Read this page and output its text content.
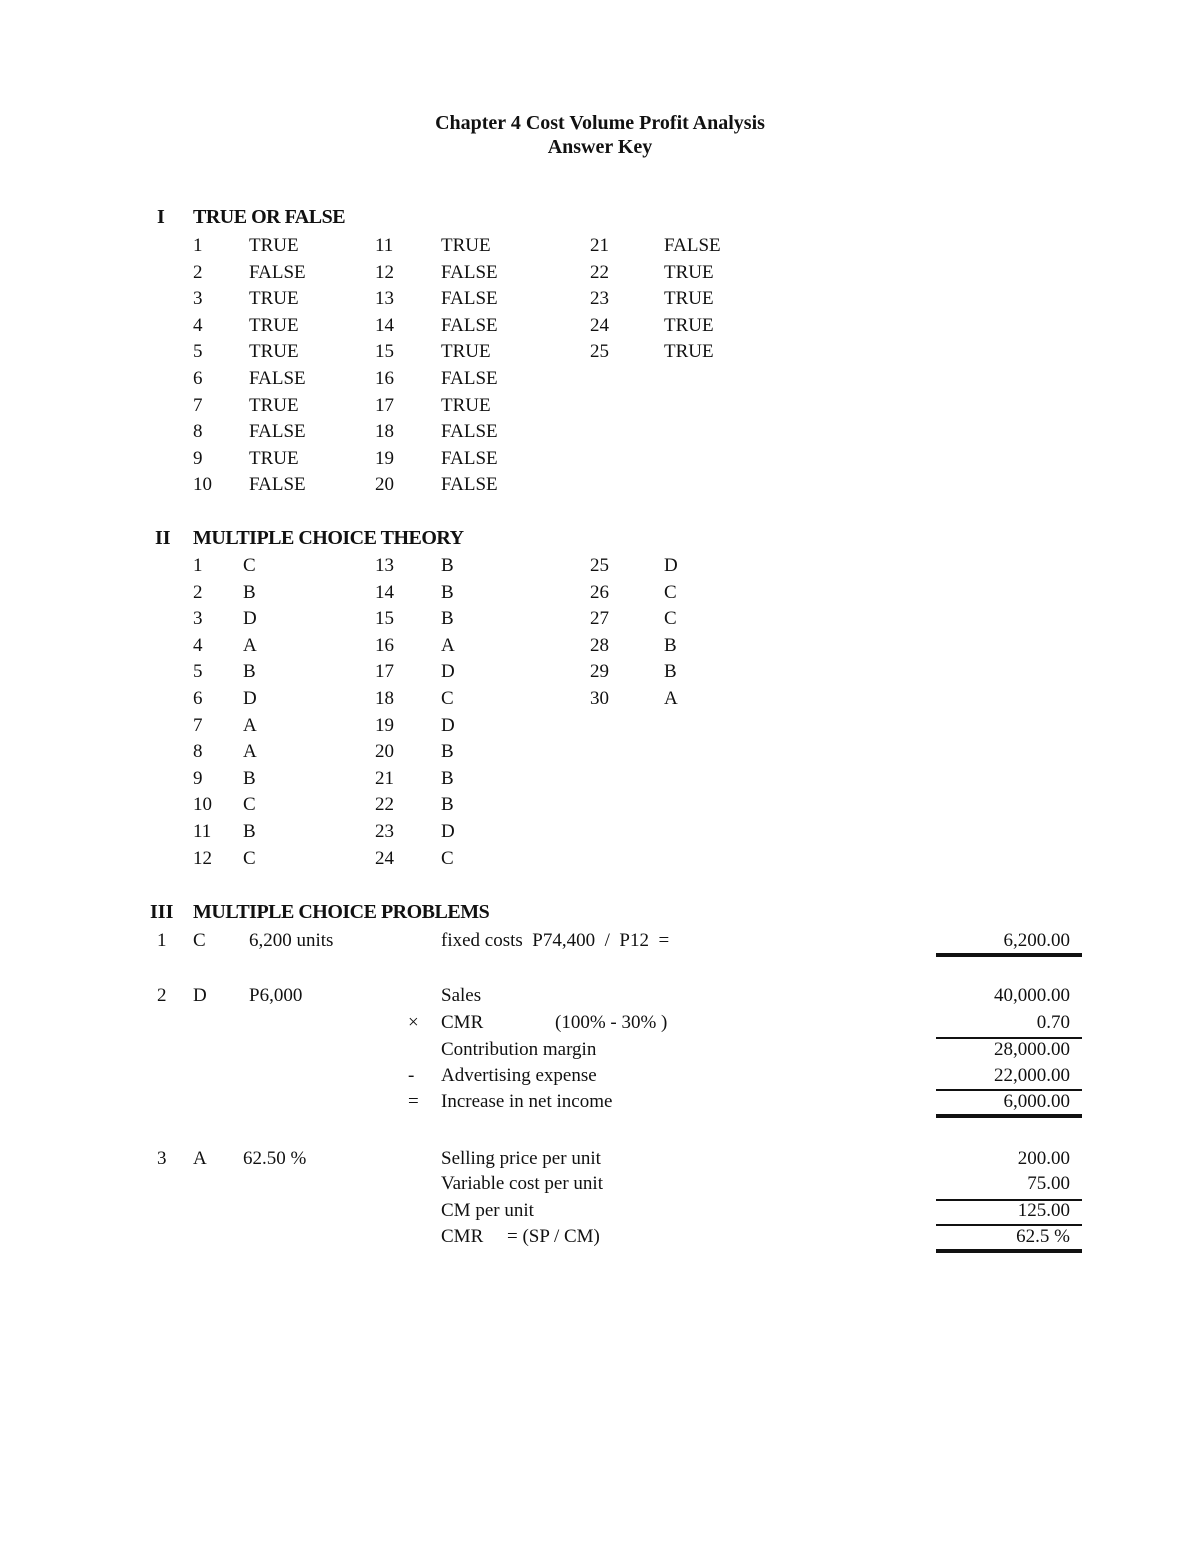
Chapter 4 Cost Volume Profit Analysis
Answer Key
I TRUE OR FALSE
1 TRUE
2 FALSE
3 TRUE
4 TRUE
5 TRUE
6 FALSE
7 TRUE
8 FALSE
9 TRUE
10 FALSE
11	TRUE
12 FALSE
13 FALSE
14 FALSE
15 TRUE
16 FALSE
17 TRUE
18 FALSE
19 FALSE
20 FALSE
21	FALSE
22	TRUE
23	TRUE
24	TRUE
25	TRUE
II MULTIPLE CHOICE THEORY
1 C
2 B
3 D
4 A
5 B
6 D
7 A
8 A
9 B
10 C
11 B
12 C
13 B
14 B
15 B
16 A
17 D
18 C
19 D
20 B
21 B
22 B
23 D
24 C
25	D
26	C
27	C
28	B
29	B
30	A
III MULTIPLE CHOICE PROBLEMS
1 C 6,200 units	fixed costs  P74,400  /  P12  =	6,200.00
2 D P6,000	Sales	40,000.00
× CMR	(100% - 30% )	0.70
Contribution margin	28,000.00
- Advertising expense	22,000.00
= Increase in net income	6,000.00
3 A 62.50 %	Selling price per unit	200.00
Variable cost per unit	75.00
CM per unit	125.00
CMR     = (SP / CM)	62.5 %
